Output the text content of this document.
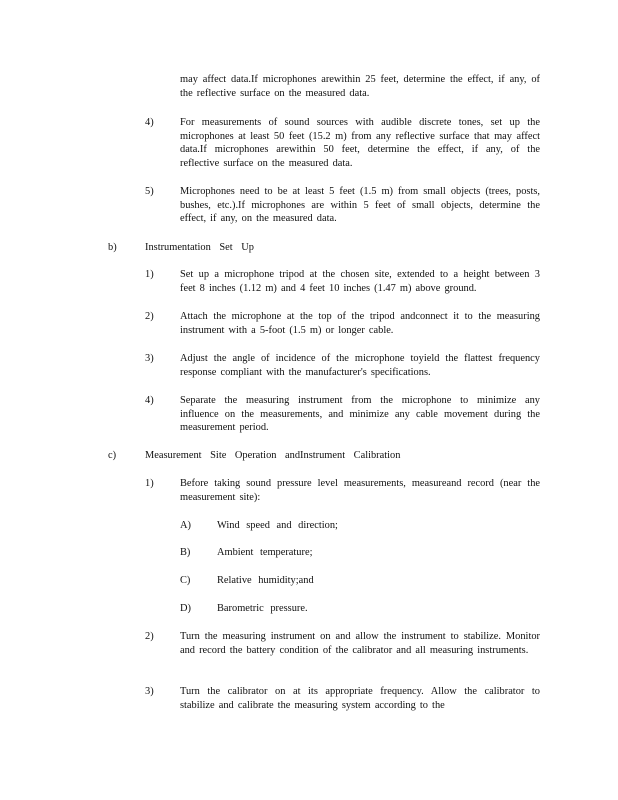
may affect data.If microphones arewithin 25 feet, determine the effect, if any, of the reflective surface on the measured data.
4)	For measurements of sound sources with audible discrete tones, set up the microphones at least 50 feet (15.2 m) from any reflective surface that may affect data.If microphones arewithin 50 feet, determine the effect, if any, of the reflective surface on the measured data.
5)	Microphones need to be at least 5 feet (1.5 m) from small objects (trees, posts, bushes, etc.).If microphones are within 5 feet of small objects, determine the effect, if any, on the measured data.
b)	Instrumentation Set Up
1)	Set up a microphone tripod at the chosen site, extended to a height between 3 feet 8 inches (1.12 m) and 4 feet 10 inches (1.47 m) above ground.
2)	Attach the microphone at the top of the tripod andconnect it to the measuring instrument with a 5-foot (1.5 m) or longer cable.
3)	Adjust the angle of incidence of the microphone toyield the flattest frequency response compliant with the manufacturer's specifications.
4)	Separate the measuring instrument from the microphone to minimize any influence on the measurements, and minimize any cable movement during the measurement period.
c)	Measurement Site Operation andInstrument Calibration
1)	Before taking sound pressure level measurements, measureand record (near the measurement site):
A)	Wind speed and direction;
B)	Ambient temperature;
C)	Relative humidity;and
D)	Barometric pressure.
2)	Turn the measuring instrument on and allow the instrument to stabilize. Monitor and record the battery condition of the calibrator and all measuring instruments.
3)	Turn the calibrator on at its appropriate frequency. Allow the calibrator to stabilize and calibrate the measuring system according to the
